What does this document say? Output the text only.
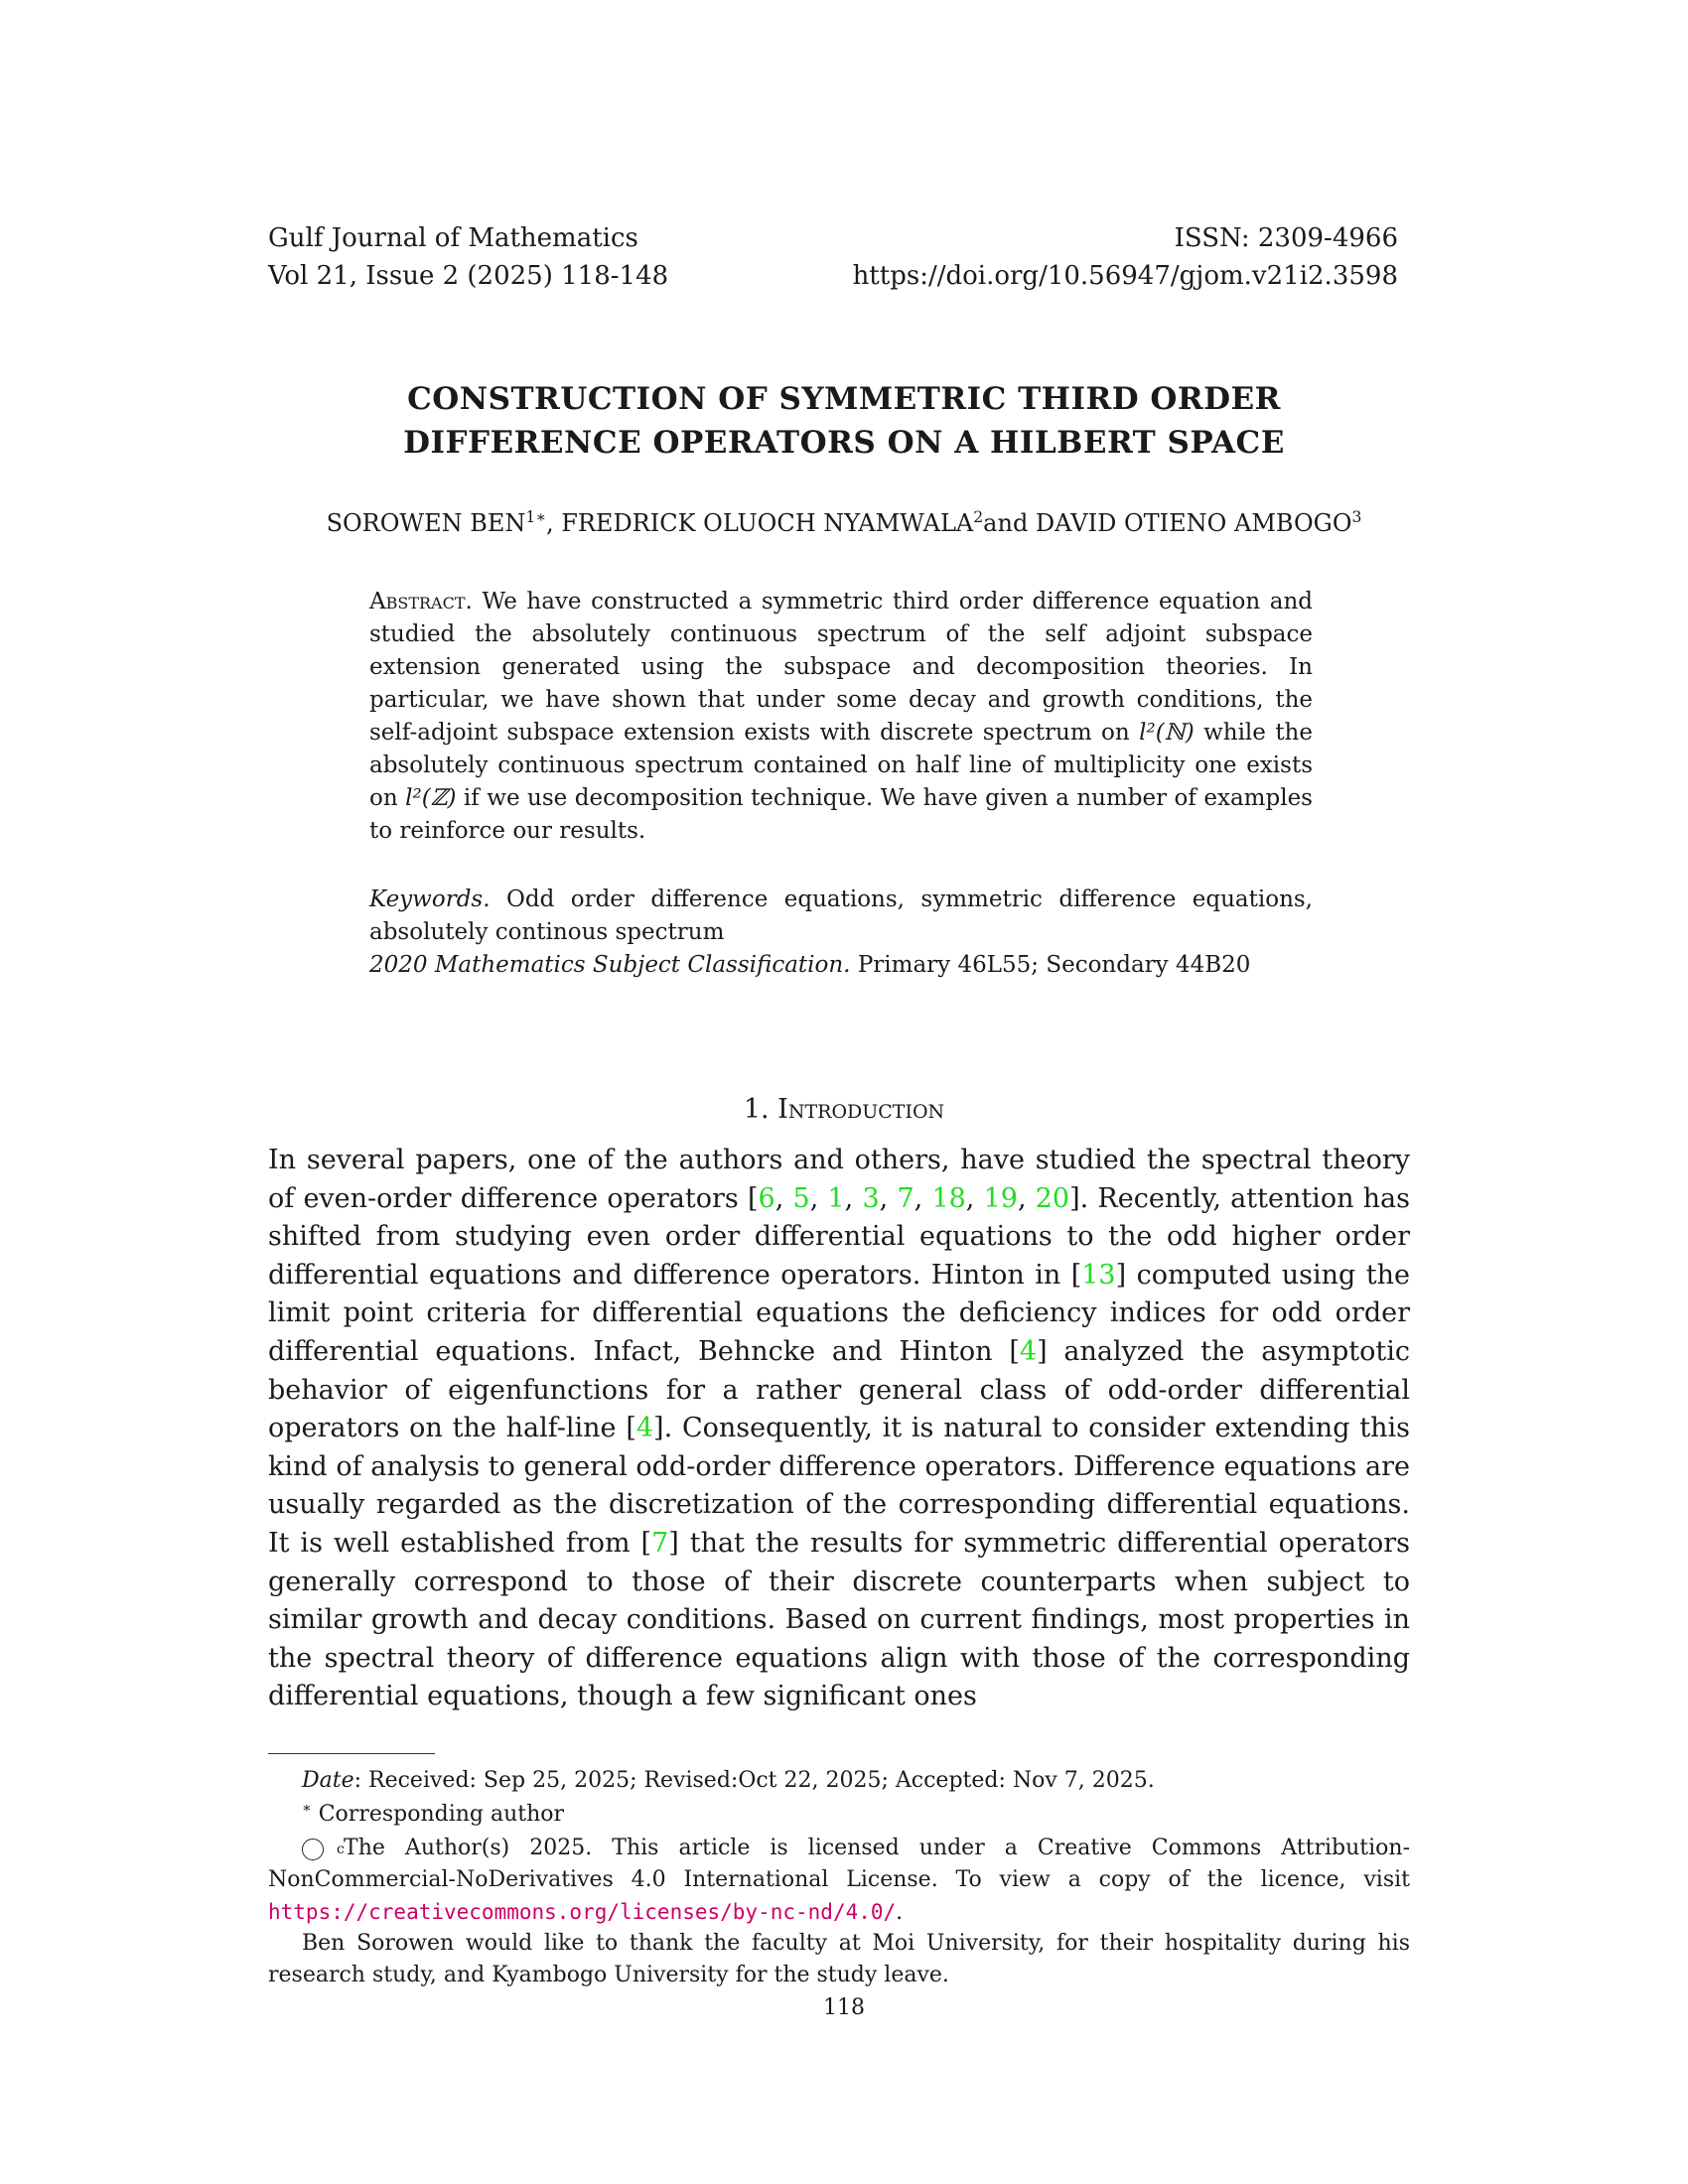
Gulf Journal of Mathematics
Vol 21, Issue 2 (2025) 118-148
ISSN: 2309-4966
https://doi.org/10.56947/gjom.v21i2.3598
CONSTRUCTION OF SYMMETRIC THIRD ORDER
DIFFERENCE OPERATORS ON A HILBERT SPACE
SOROWEN $BEN^{1∗}$, FREDRICK OLUOCH NYAMWALA$^2$and DAVID OTIENO AMBOGO$^3$
Abstract. We have constructed a symmetric third order difference equation and studied the absolutely continuous spectrum of the self adjoint subspace extension generated using the subspace and decomposition theories. In particular, we have shown that under some decay and growth conditions, the self-adjoint subspace extension exists with discrete spectrum on l²(ℕ) while the absolutely continuous spectrum contained on half line of multiplicity one exists on l²(ℤ) if we use decomposition technique. We have given a number of examples to reinforce our results.
Keywords. Odd order difference equations, symmetric difference equations, absolutely continous spectrum
2020 Mathematics Subject Classification. Primary 46L55; Secondary 44B20
1. Introduction
In several papers, one of the authors and others, have studied the spectral theory of even-order difference operators [6, 5, 1, 3, 7, 18, 19, 20]. Recently, attention has shifted from studying even order differential equations to the odd higher order differential equations and difference operators. Hinton in [13] computed using the limit point criteria for differential equations the deficiency indices for odd order differential equations. Infact, Behncke and Hinton [4] analyzed the asymptotic behavior of eigenfunctions for a rather general class of odd-order differential operators on the half-line [4]. Consequently, it is natural to consider extending this kind of analysis to general odd-order difference operators. Difference equations are usually regarded as the discretization of the corresponding differential equations. It is well established from [7] that the results for symmetric differential operators generally correspond to those of their discrete counterparts when subject to similar growth and decay conditions. Based on current findings, most properties in the spectral theory of difference equations align with those of the corresponding differential equations, though a few significant ones
Date: Received: Sep 25, 2025; Revised:Oct 22, 2025; Accepted: Nov 7, 2025.
∗ Corresponding author
c The Author(s) 2025. This article is licensed under a Creative Commons Attribution-NonCommercial-NoDerivatives 4.0 International License. To view a copy of the licence, visit https://creativecommons.org/licenses/by-nc-nd/4.0/.
Ben Sorowen would like to thank the faculty at Moi University, for their hospitality during his research study, and Kyambogo University for the study leave.
118
